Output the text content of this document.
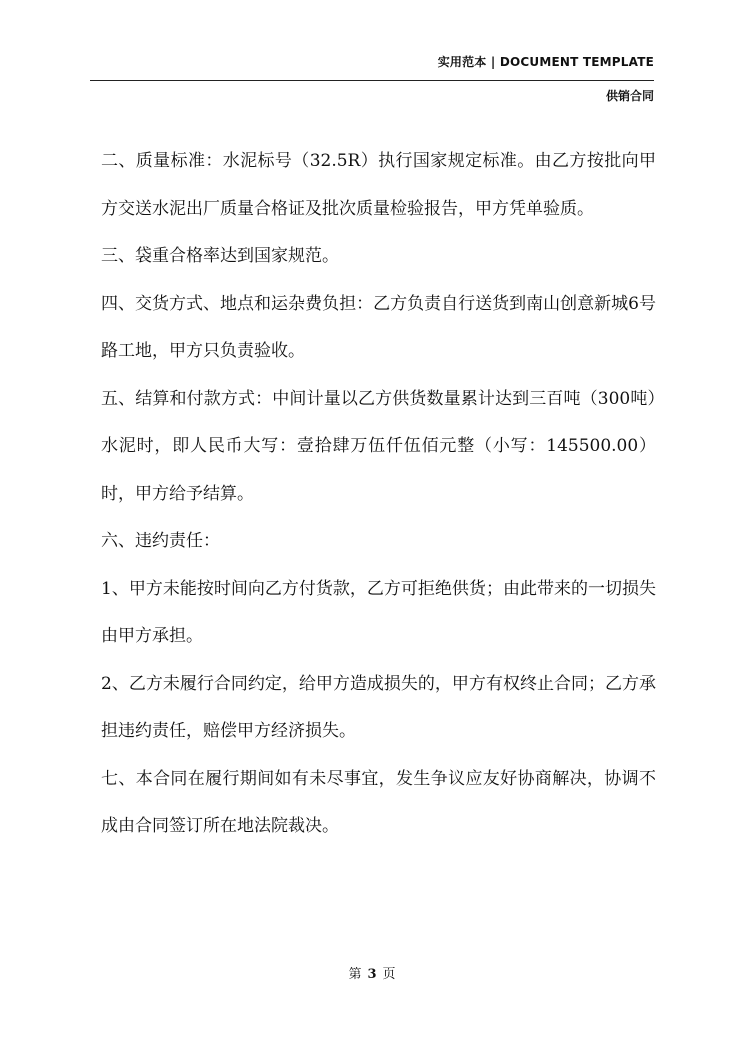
实用范本 | DOCUMENT TEMPLATE
供销合同

二、质量标准：水泥标号（32.5R）执行国家规定标准。由乙方按批向甲方交送水泥出厂质量合格证及批次质量检验报告，甲方凭单验质。

三、袋重合格率达到国家规范。

四、交货方式、地点和运杂费负担：乙方负责自行送货到南山创意新城6号路工地，甲方只负责验收。

五、结算和付款方式：中间计量以乙方供货数量累计达到三百吨（300吨）水泥时，即人民币大写：壹拾肆万伍仟伍佰元整（小写：145500.00）时，甲方给予结算。

六、违约责任：

1、甲方未能按时间向乙方付货款，乙方可拒绝供货；由此带来的一切损失由甲方承担。

2、乙方未履行合同约定，给甲方造成损失的，甲方有权终止合同；乙方承担违约责任，赔偿甲方经济损失。

七、本合同在履行期间如有未尽事宜，发生争议应友好协商解决，协调不成由合同签订所在地法院裁决。

第 3 页
